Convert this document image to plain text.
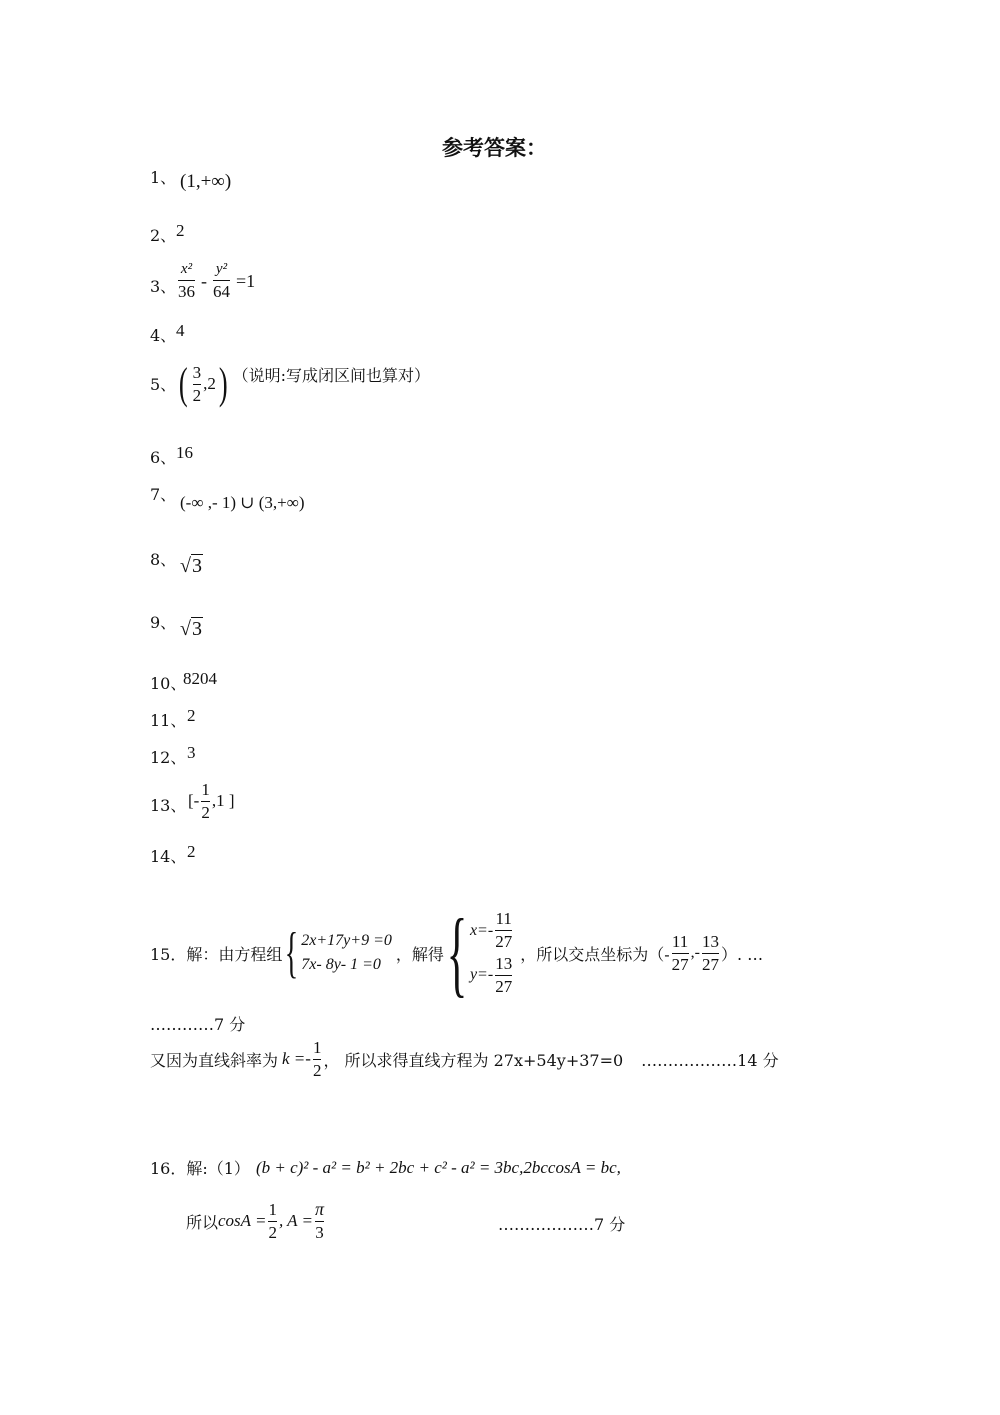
参考答案：
1、 (1,+∞)
2、 2
3、 $\frac{\text{x²}}{36} - \frac{\text{y²}}{64} =1$
4、 4
5、 ( $\frac{3}{2} ,2$ ) （说明:写成闭区间也算对）
6、 16
7、 (-∞ ,- 1) ∪ (3,+∞)
8、 √3
9、 √3
10、
8204
11、 2
12、 3
13、 [- $\frac{1}{2} ,1$ ]
14、 2
15．解：由方程组 { 2x+17y+9 =0
7x- 8y- 1 =0
，解得 { $x=- \frac{11}{27}$
$y=- \frac{13}{27}$
，所以交点坐标为（- $\frac{11}{27}$ ,- $\frac{13}{27}$ ）. …
…………7 分
又因为直线斜率为 $k =- \frac{1}{2}$ ， 所以求得直线方程为 27x+54y+37=0 ………………14 分
16．解:（1） (b + c)² - a² = b² + 2bc + c² - a² = 3bc,2bccosA = bc,
所以 $\cos A = \frac{1}{2}$ , $A = \frac{\pi}{3}$	………………7 分
